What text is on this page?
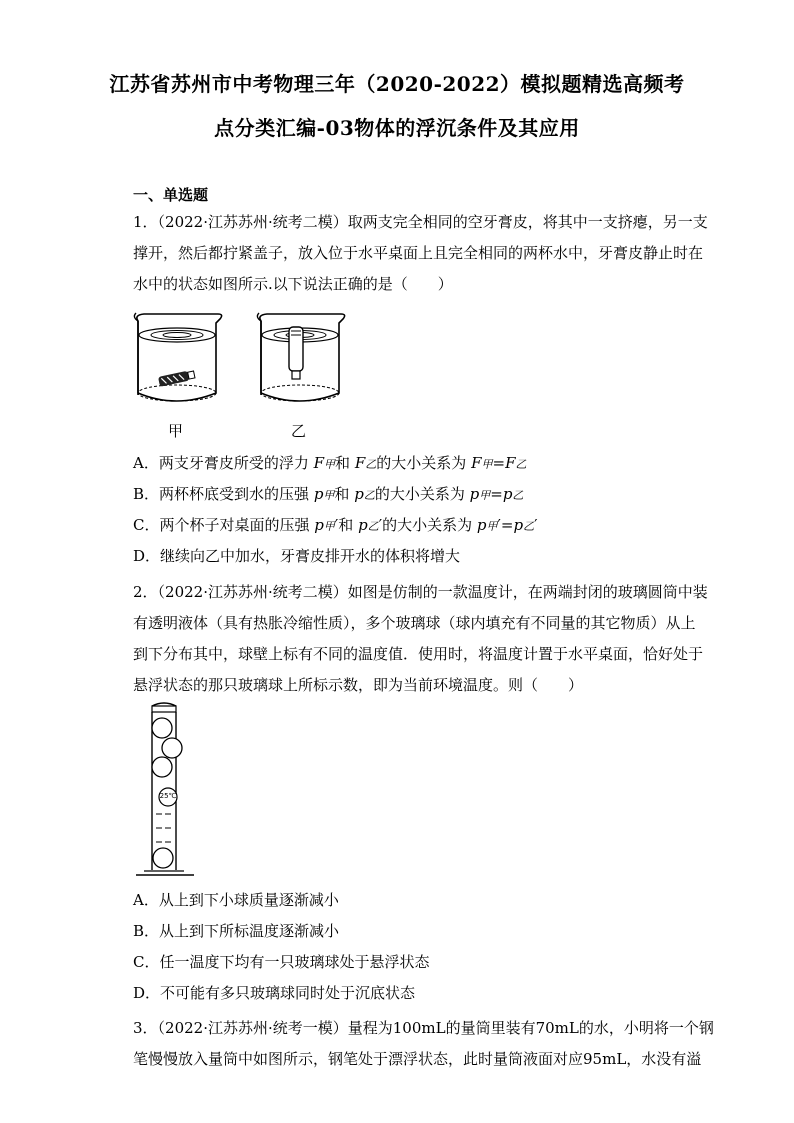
江苏省苏州市中考物理三年（2020-2022）模拟题精选高频考
点分类汇编-03物体的浮沉条件及其应用
一、单选题
1．（2022·江苏苏州·统考二模）取两支完全相同的空牙膏皮，将其中一支挤瘪，另一支
撑开，然后都拧紧盖子，放入位于水平桌面上且完全相同的两杯水中，牙膏皮静止时在
水中的状态如图所示.以下说法正确的是（　　）
甲	乙
A．两支牙膏皮所受的浮力 F甲和 F乙的大小关系为 F甲=F乙
B．两杯杯底受到水的压强 p甲和 p乙的大小关系为 p甲=p乙
C．两个杯子对桌面的压强 p甲′和 p乙′的大小关系为 p甲′=p乙′
D．继续向乙中加水，牙膏皮排开水的体积将增大
2．（2022·江苏苏州·统考二模）如图是仿制的一款温度计，在两端封闭的玻璃圆筒中装
有透明液体（具有热胀冷缩性质），多个玻璃球（球内填充有不同量的其它物质）从上
到下分布其中，球壁上标有不同的温度值．使用时，将温度计置于水平桌面，恰好处于
悬浮状态的那只玻璃球上所标示数，即为当前环境温度。则（　　）
25℃
A．从上到下小球质量逐渐减小
B．从上到下所标温度逐渐减小
C．任一温度下均有一只玻璃球处于悬浮状态
D．不可能有多只玻璃球同时处于沉底状态
3．（2022·江苏苏州·统考一模）量程为100mL的量筒里装有70mL的水，小明将一个钢
笔慢慢放入量筒中如图所示，钢笔处于漂浮状态，此时量筒液面对应95mL，水没有溢
